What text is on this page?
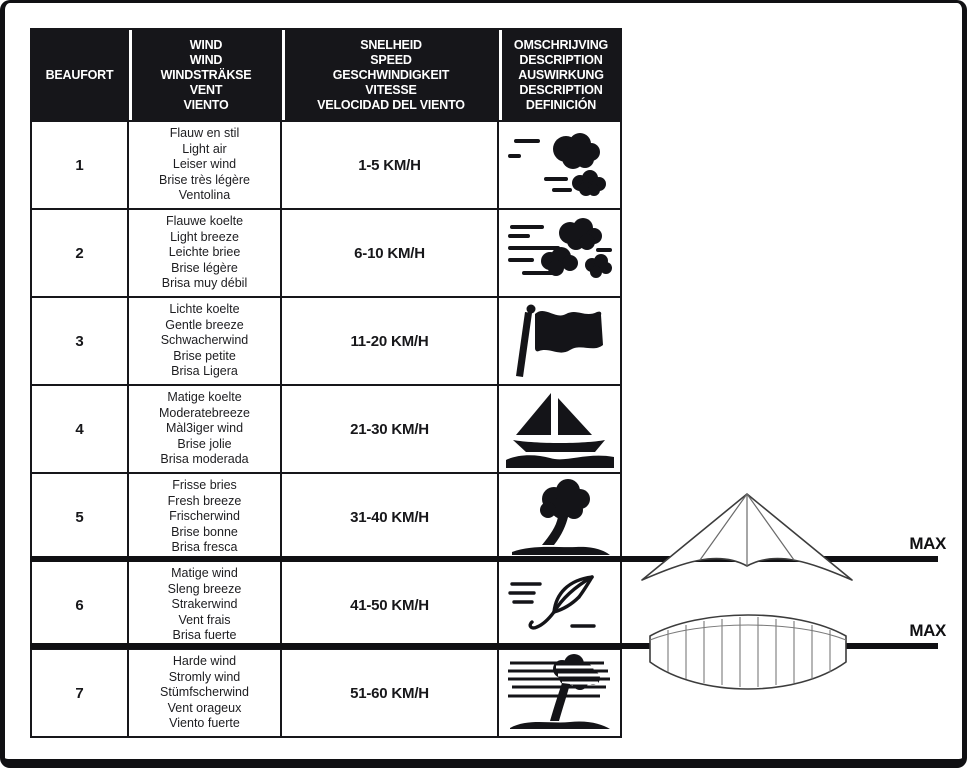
BEAUFORT
WIND
WIND
WINDSTRÄKSE
VENT
VIENTO
SNELHEID
SPEED
GESCHWINDIGKEIT
VITESSE
VELOCIDAD DEL VIENTO
OMSCHRIJVING
DESCRIPTION
AUSWIRKUNG
DESCRIPTION
DEFINICIÓN
1
Flauw en stil
Light air
Leiser wind
Brise très légère
Ventolina
1-5 KM/H
2
Flauwe koelte
Light breeze
Leichte briee
Brise légère
Brisa muy débil
6-10 KM/H
3
Lichte koelte
Gentle breeze
Schwacherwind
Brise petite
Brisa Ligera
11-20 KM/H
4
Matige koelte
Moderatebreeze
Màl3iger wind
Brise jolie
Brisa moderada
21-30 KM/H
5
Frisse bries
Fresh breeze
Frischerwind
Brise bonne
Brisa fresca
31-40 KM/H
6
Matige wind
Sleng breeze
Strakerwind
Vent frais
Brisa fuerte
41-50 KM/H
7
Harde wind
Stromly wind
Stümfscherwind
Vent orageux
Viento fuerte
51-60 KM/H
MAX
MAX
